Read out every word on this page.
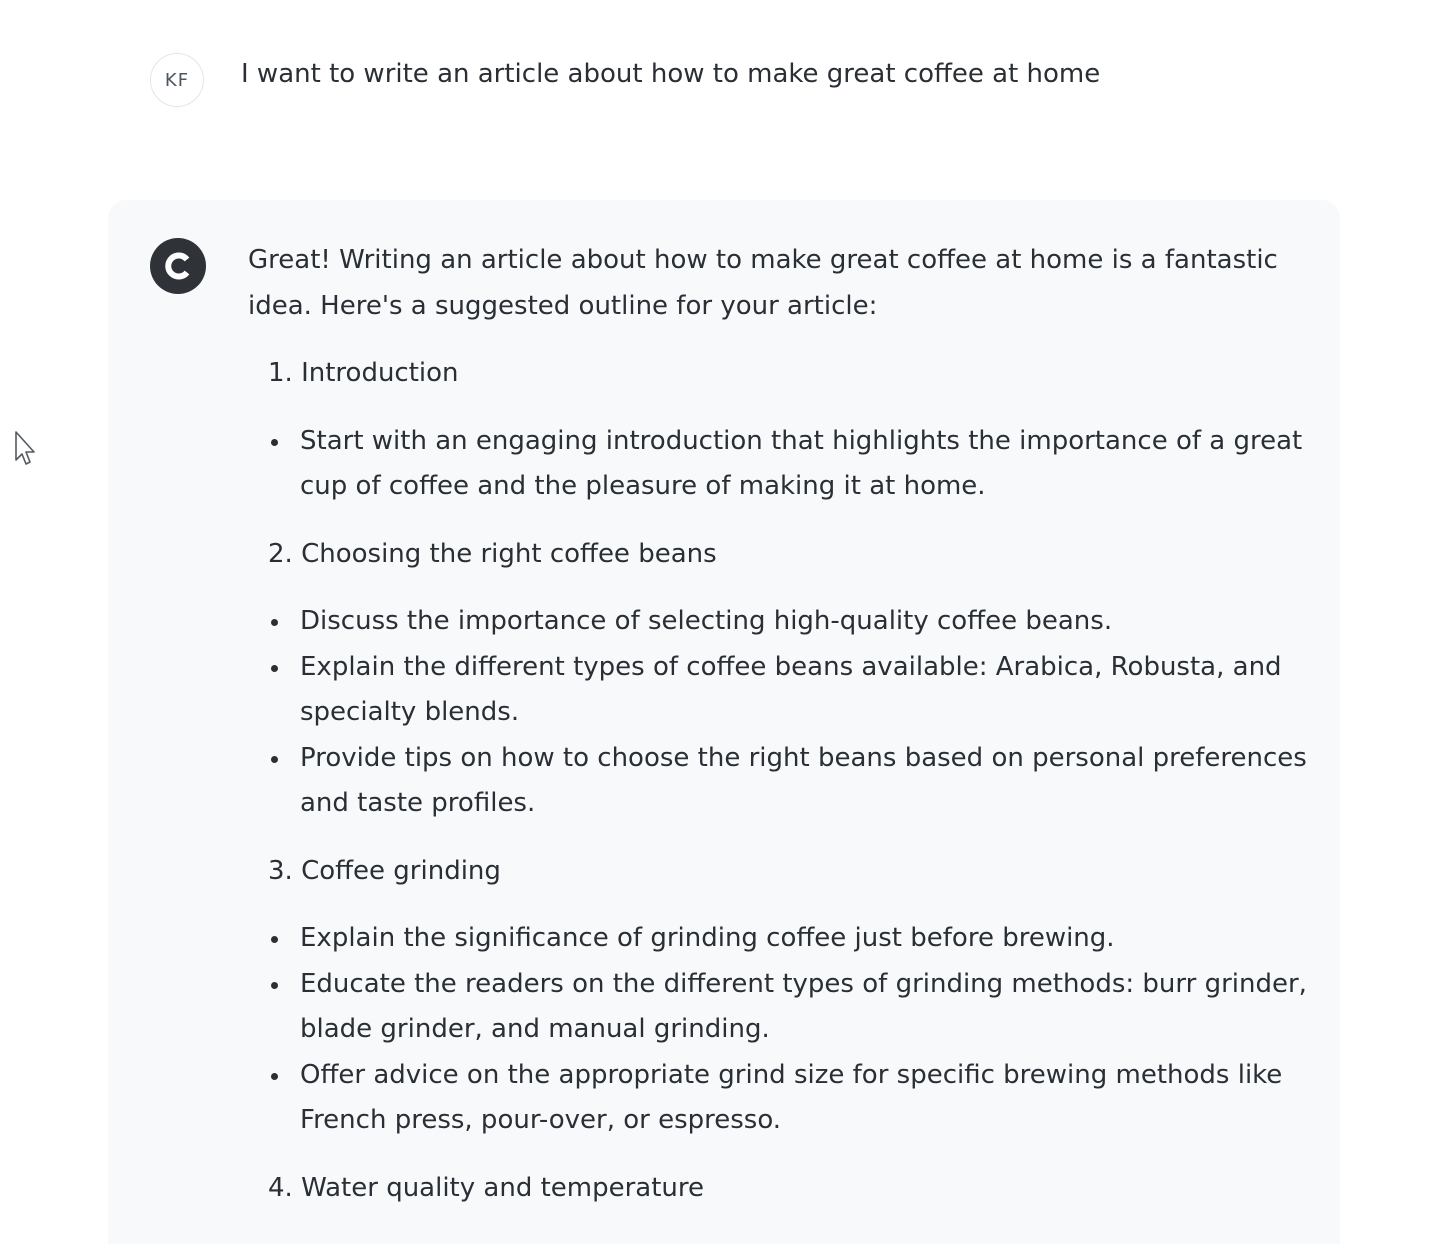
KF I want to write an article about how to make great coffee at home

Great! Writing an article about how to make great coffee at home is a fantastic idea. Here's a suggested outline for your article:

1. Introduction
Start with an engaging introduction that highlights the importance of a great cup of coffee and the pleasure of making it at home.
2. Choosing the right coffee beans
Discuss the importance of selecting high-quality coffee beans.
Explain the different types of coffee beans available: Arabica, Robusta, and specialty blends.
Provide tips on how to choose the right beans based on personal preferences and taste profiles.
3. Coffee grinding
Explain the significance of grinding coffee just before brewing.
Educate the readers on the different types of grinding methods: burr grinder, blade grinder, and manual grinding.
Offer advice on the appropriate grind size for specific brewing methods like French press, pour-over, or espresso.
4. Water quality and temperature
